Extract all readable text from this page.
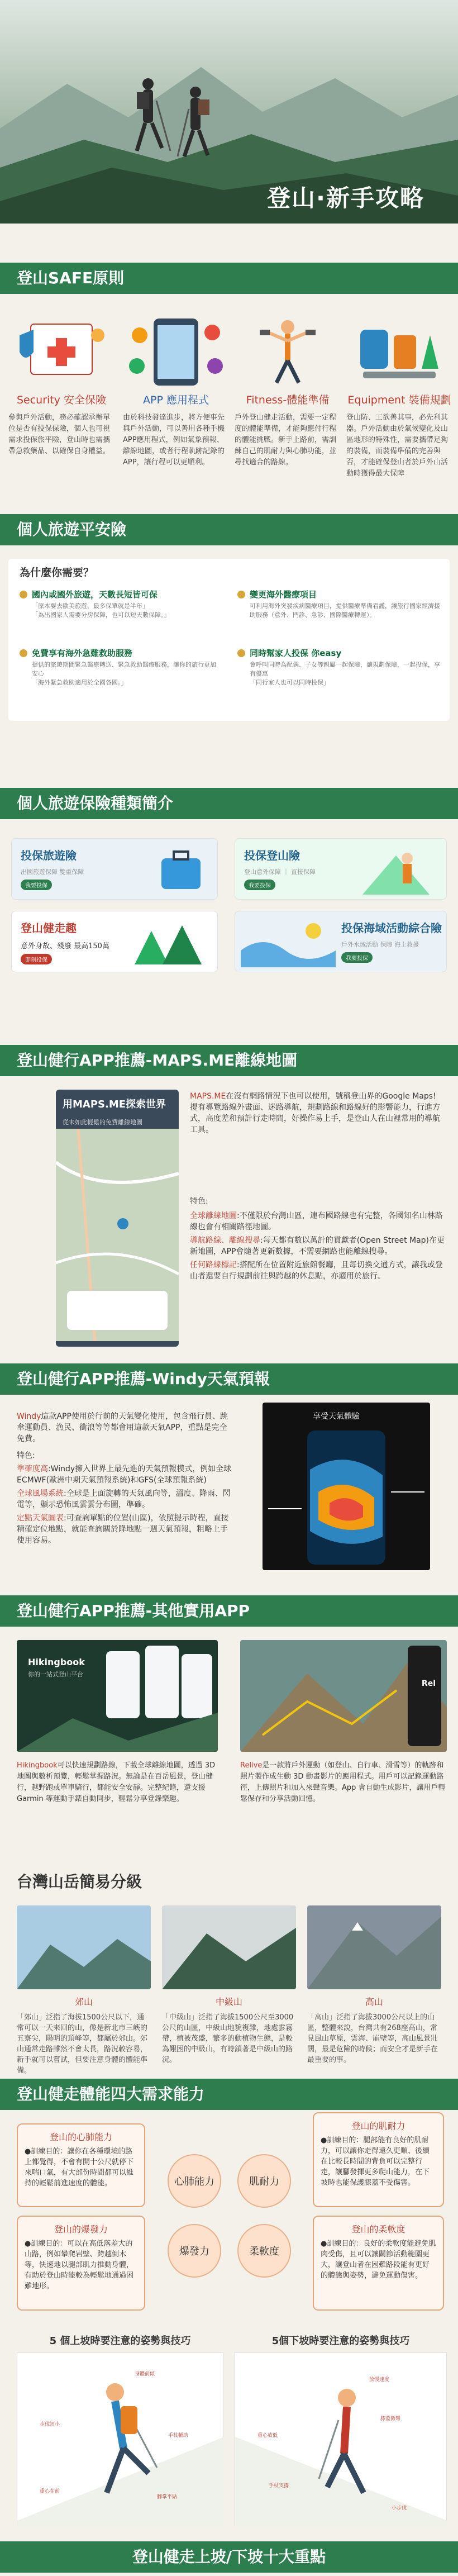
登山·新手攻略
登山SAFE原則
Security 安全保險
參與戶外活動，務必確認承辦單位是否有投保保險，個人也可視需求投保旅平險，登山時也需攜帶急救藥品、以確保自身權益。
APP 應用程式
由於科技發達進步，將方便事先與戶外活動，可以善用各種手機APP應用程式，例如氣象預報、離線地圖，或者行程軌跡記錄的APP，讓行程可以更順利。
Fitness-體能準備
戶外登山健走活動，需要一定程度的體能準備，才能夠應付行程的體能挑戰。新手上路前，需訓練自己的肌耐力與心肺功能，並尋找適合的路線。
Equipment 裝備規劃
登山防、工欲善其事，必先利其器。戶外活動由於氣候變化及山區地形的特殊性，需要攜帶足夠的裝備，而裝備準備的完善與否，才能確保登山者於戶外山活動時獲得最大保障
個人旅遊平安險
為什麼你需要？
國內或國外旅遊，天數長短皆可保
「原本要去歐美旅遊，最多保單就是半年」
「為出國家人需要分房保障，也可以短天數保障。」
變更海外醫療項目
可利用海外突發疾病醫療項目，提供醫療準備看護，讓旅行國家經濟援助服務（意外、門診、急診、國際醫療轉運）。
免費享有海外急難救助服務
提供的旅遊期間緊急醫療轉送、緊急救助醫療服務，讓你的旅行更加安心
「海外緊急救助適用於全國各國。」
同時幫家人投保 你easy
會呼叫同時為配偶、子女等親屬一起保障，讓規劃保障，一起投保，享有優惠
「同行家人也可以同時投保」
個人旅遊保險種類簡介
投保旅遊險
出國旅遊保障 雙重保障
我要投保
投保登山險
登山意外保障 ｜ 直接保障
我要投保
登山健走趣
意外身故、殘廢 最高150萬
即刻投保
投保海域活動綜合險
戶外水域活動 保障 海上救援
我要投保
登山健行APP推薦-MAPS.ME離線地圖
用MAPS.ME探索世界
從未如此輕鬆的免費離線地圖
MAPS.ME在沒有網路情況下也可以使用，號稱登山界的Google Maps!
提有導覽路線外畫面、迷路導航，規劃路線和路線好的影響能力，行進方式，高度差和預計行走時間，好操作易上手，是登山人在山裡常用的導航工具。
特色:
全球離線地圖:不僅限於台灣山區，連布國路線也有完整，各國知名山林路線也會有相關路徑地圖。
導航路線、離線搜尋:每天都有數以萬計的貢獻者(Open Street Map)在更新地圖，APP會隨著更新數據，不需要網路也能離線搜尋。
任何路線標記:搭配所在位置附近旅館餐廳，且每切換交通方式，讓我或登山者還要自行規劃前往與跨越的休息點，亦適用於旅行。
登山健行APP推薦-Windy天氣預報
Windy這款APP使用於行前的天氣變化使用，包含飛行員、跳傘運動員、漁民、衝浪等等都會用這款天氣APP，重點是完全免費。
特色:
準確度高:Windy擁入世界上最先進的天氣預報模式，例如全球ECMWF(歐洲中期天氣預報系統)和GFS(全球預報系統)
全球風場系統:全球是上面旋轉的天氣風向等，溫度、降雨、閃電等，顯示恐怖風雲雲分布圖，準確。
定點天氣圖表:可查詢單點的位置(山區)，依照提示時程，直接精確定位地點，就能查詢關於降地點一週天氣預報，粗略上手使用容易。
享受天氣體驗
登山健行APP推薦-其他實用APP
Hikingbook
你的一站式登山平台
Rel
Hikingbook可以快速規劃路線，下載全球離線地圖，透過 3D 地圖與數析預覽，輕鬆掌握路況。無論是在百岳風景，登山健行，越野跑或單車騎行，都能安全安靜。完整紀錄，還支援 Garmin 等運動手錶自動同步，輕鬆分享登錄樂趣。
Relive是一款將戶外運動（如登山、自行車、滑雪等）的軌跡和照片製作成生動 3D 動畫影片的應用程式。用戶可以記錄運動路徑，上傳照片和加入來聲音樂。App 會自動生成影片，讓用戶輕鬆保存和分享活動回憶。
台灣山岳簡易分級
郊山
「郊山」泛指了海拔1500公尺以下，通常可以一天來回的山，像是新北市三峽的五寮尖，陽明的頂峰等，都屬於郊山。郊山通常走路雖然不會太長，路況較容易，新手就可以嘗試，但要注意身體的體能準備。
中級山
「中級山」泛指了海拔1500公尺至3000公尺的山區，中級山地貌複雜，地處雲霧帶，植被茂盛，繁多的動植物生態，是較為艱困的中級山，有時鎖著是中級山的路況。
高山
「高山」泛指了海拔3000公尺以上的山區，整體來說，台灣共有268座高山，常見風山草原，雲海、崩壁等，高山風景壯闊，最是危險的時候；而安全才是新手在最重要的事。
登山健走體能四大需求能力
登山的心肺能力
●訓練目的：讓你在各種環境的路上都覺得，不會有開十公尺就停下來喘口氣，有大部份時間都可以維持的輕鬆前進速度的體能。
登山的肌耐力
●訓練目的：腿部能有良好的肌耐力，可以讓你走得遠久更順、後續在比較長時間的背負可以完整行走，讓腳發揮更多爬山能力，在下坡時也能保護膝蓋不受傷害。
登山的爆發力
●訓練目的：可以在高低落差大的山路，例如攀爬岩壁、跨越倒木等，快速地以腿部肌力推動身體，有助於登山時能較為輕鬆地通過困難地形。
登山的柔軟度
●訓練目的：良好的柔軟度能避免肌肉受傷，且可以讓關節活動範圍更大，讓登山者在困難路段能有更好的體態與姿勢，避免運動傷害。
心肺能力	肌耐力
爆發力	柔軟度
5 個上坡時要注意的姿勢與技巧	5個下坡時要注意的姿勢與技巧
身體前傾
步伐短小
手杖輔助
重心在前
腳掌平貼
放慢速度
膝蓋微彎
重心放低
手杖支撐
小步伐
登山健走上坡/下坡十大重點
